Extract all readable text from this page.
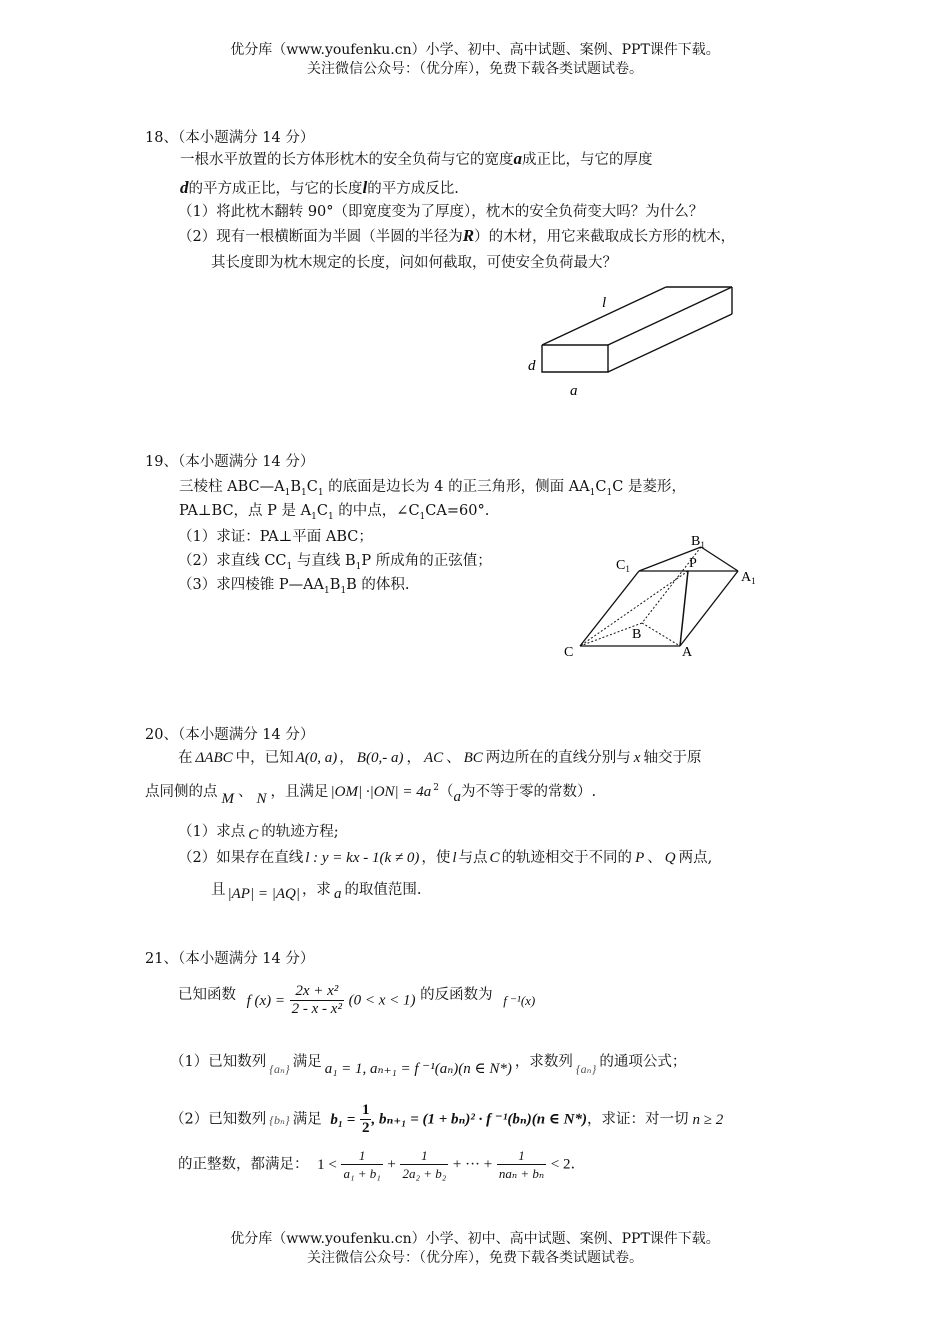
优分库（www.youfenku.cn）小学、初中、高中试题、案例、PPT课件下载。
关注微信公众号：（优分库），免费下载各类试题试卷。
18、（本小题满分 14 分）
一根水平放置的长方体形枕木的安全负荷与它的宽度a成正比，与它的厚度
d的平方成正比，与它的长度l的平方成反比.
（1）将此枕木翻转 90°（即宽度变为了厚度），枕木的安全负荷变大吗？为什么？
（2）现有一根横断面为半圆（半圆的半径为R）的木材，用它来截取成长方形的枕木，
其长度即为枕木规定的长度，问如何截取，可使安全负荷最大？
l
d
a
19、（本小题满分 14 分）
三棱柱 $ABC—A_1B_1C_1$ 的底面是边长为 4 的正三角形，侧面 $AA_1C_1C$ 是菱形，
PA⊥BC，点 P 是 $A_1C_1$ 的中点，$\angle C_1CA=60^\circ$.
（1）求证：PA⊥平面 ABC；
（2）求直线 $CC_1$ 与直线 $B_1P$ 所成角的正弦值；
（3）求四棱锥 $P—AA_1B_1B$ 的体积.
$B_1$
$C_1$	P
$A_1$
B
C	A
20、（本小题满分 14 分）
在 ΔABC 中，已知 A(0, a) ， B(0,- a) ， AC 、 BC 两边所在的直线分别与 x 轴交于原
点同侧的点 M 、 N ，且满足 |OM| ·|ON| = 4a $^2$（a为不等于零的常数）.
（1）求点 C 的轨迹方程;
（2）如果存在直线 l : y = kx - 1(k ≠ 0) ，使 l 与点 C 的轨迹相交于不同的 P 、 Q 两点,
且 |AP| = |AQ| ，求 a 的取值范围.
21、（本小题满分 14 分）
已知函数 f $(x) = \frac{\text{2x + x²}}{\text{2 - x - x²}} (0 < x < 1)$ 的反函数为 f ⁻¹(x)
（1）已知数列 $_{\{a_n\}}$ 满足 a₁ = 1, aₙ₊₁ = f ⁻¹(aₙ)(n ∈ N*) ，求数列 $_{\{a_n\}}$ 的通项公式；
（2）已知数列 {bₙ} 满足 $b_1 = \frac{1}{2}$ , bₙ₊₁ = (1 + bₙ)² · f ⁻¹(bₙ)(n ∈ N*)，求证：对一切 n ≥ 2
的正整数，都满足： $1 < \frac{1}{\text{a₁ + b₁}} + \frac{1}{\text{2a₂ + b₂}}$ + ··· + $\frac{1}{\text{naₙ + bₙ}} < 2$.
优分库（www.youfenku.cn）小学、初中、高中试题、案例、PPT课件下载。
关注微信公众号：（优分库），免费下载各类试题试卷。
